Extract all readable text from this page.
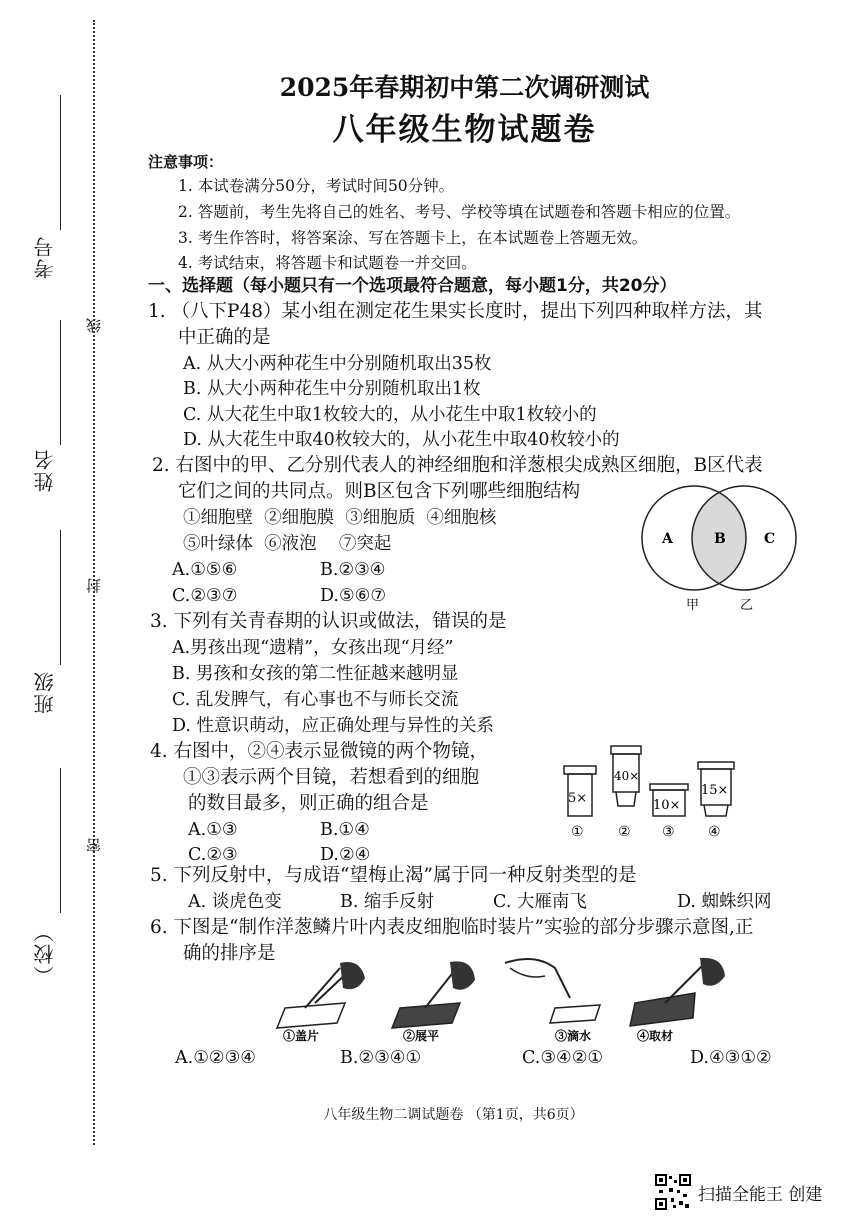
考号
姓名
班级
（校）
线
封
密
2025年春期初中第二次调研测试
八年级生物试题卷
注意事项：
1. 本试卷满分50分，考试时间50分钟。
2. 答题前，考生先将自己的姓名、考号、学校等填在试题卷和答题卡相应的位置。
3. 考生作答时，将答案涂、写在答题卡上，在本试题卷上答题无效。
4. 考试结束，将答题卡和试题卷一并交回。
一、选择题（每小题只有一个选项最符合题意，每小题1分，共20分）
1. （八下P48）某小组在测定花生果实长度时，提出下列四种取样方法，其
中正确的是
A. 从大小两种花生中分别随机取出35枚
B. 从大小两种花生中分别随机取出1枚
C. 从大花生中取1枚较大的，从小花生中取1枚较小的
D. 从大花生中取40枚较大的，从小花生中取40枚较小的
2. 右图中的甲、乙分别代表人的神经细胞和洋葱根尖成熟区细胞，B区代表
它们之间的共同点。则B区包含下列哪些细胞结构
①细胞壁  ②细胞膜  ③细胞质  ④细胞核
⑤叶绿体  ⑥液泡    ⑦突起
A.①⑤⑥	B.②③④
C.②③⑦	D.⑤⑥⑦
A	B	C
甲	乙
3. 下列有关青春期的认识或做法，错误的是
A.男孩出现“遗精”，女孩出现“月经”
B. 男孩和女孩的第二性征越来越明显
C. 乱发脾气，有心事也不与师长交流
D. 性意识萌动，应正确处理与异性的关系
4. 右图中，②④表示显微镜的两个物镜，
①③表示两个目镜，若想看到的细胞
的数目最多，则正确的组合是
A.①③	B.①④
C.②③	D.②④
5×
①
40×
②
10×
③
15×
④
5. 下列反射中，与成语“望梅止渴”属于同一种反射类型的是
A. 谈虎色变	B. 缩手反射	C. 大雁南飞	D. 蜘蛛织网
6. 下图是“制作洋葱鳞片叶内表皮细胞临时装片”实验的部分步骤示意图,正
确的排序是
①盖片	②展平	③滴水	④取材
A.①②③④	B.②③④①	C.③④②①	D.④③①②
八年级生物二调试题卷 （第1页，共6页）
扫描全能王 创建
